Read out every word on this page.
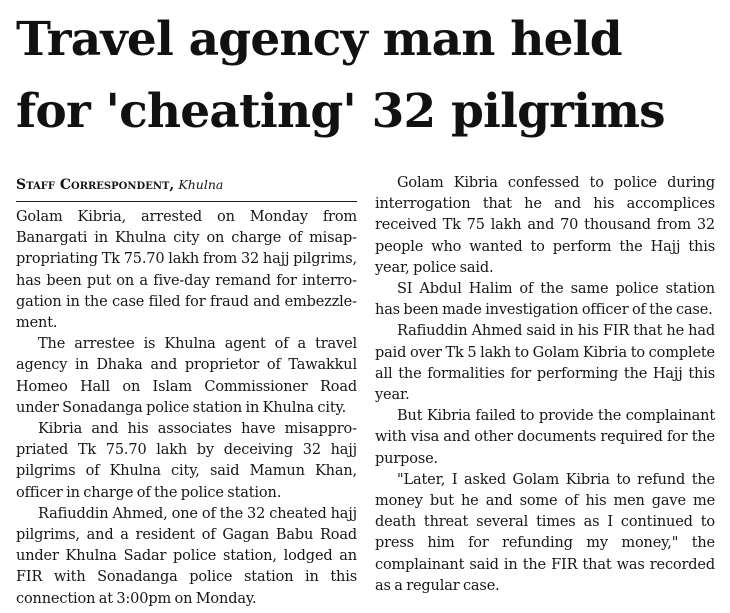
Travel agency man held
for 'cheating' 32 pilgrims
Staff Correspondent, Khulna

Golam Kibria, arrested on Monday from Banargati in Khulna city on charge of misappropriating Tk 75.70 lakh from 32 hajj pilgrims, has been put on a five-day remand for interrogation in the case filed for fraud and embezzlement.

The arrestee is Khulna agent of a travel agency in Dhaka and proprietor of Tawakkul Homeo Hall on Islam Commissioner Road under Sonadanga police station in Khulna city.

Kibria and his associates have misappropriated Tk 75.70 lakh by deceiving 32 hajj pilgrims of Khulna city, said Mamun Khan, officer in charge of the police station.

Rafiuddin Ahmed, one of the 32 cheated hajj pilgrims, and a resident of Gagan Babu Road under Khulna Sadar police station, lodged an FIR with Sonadanga police station in this connection at 3:00pm on Monday.

Golam Kibria confessed to police during interrogation that he and his accomplices received Tk 75 lakh and 70 thousand from 32 people who wanted to perform the Hajj this year, police said.

SI Abdul Halim of the same police station has been made investigation officer of the case.

Rafiuddin Ahmed said in his FIR that he had paid over Tk 5 lakh to Golam Kibria to complete all the formalities for performing the Hajj this year.

But Kibria failed to provide the complainant with visa and other documents required for the purpose.

"Later, I asked Golam Kibria to refund the money but he and some of his men gave me death threat several times as I continued to press him for refunding my money," the complainant said in the FIR that was recorded as a regular case.
